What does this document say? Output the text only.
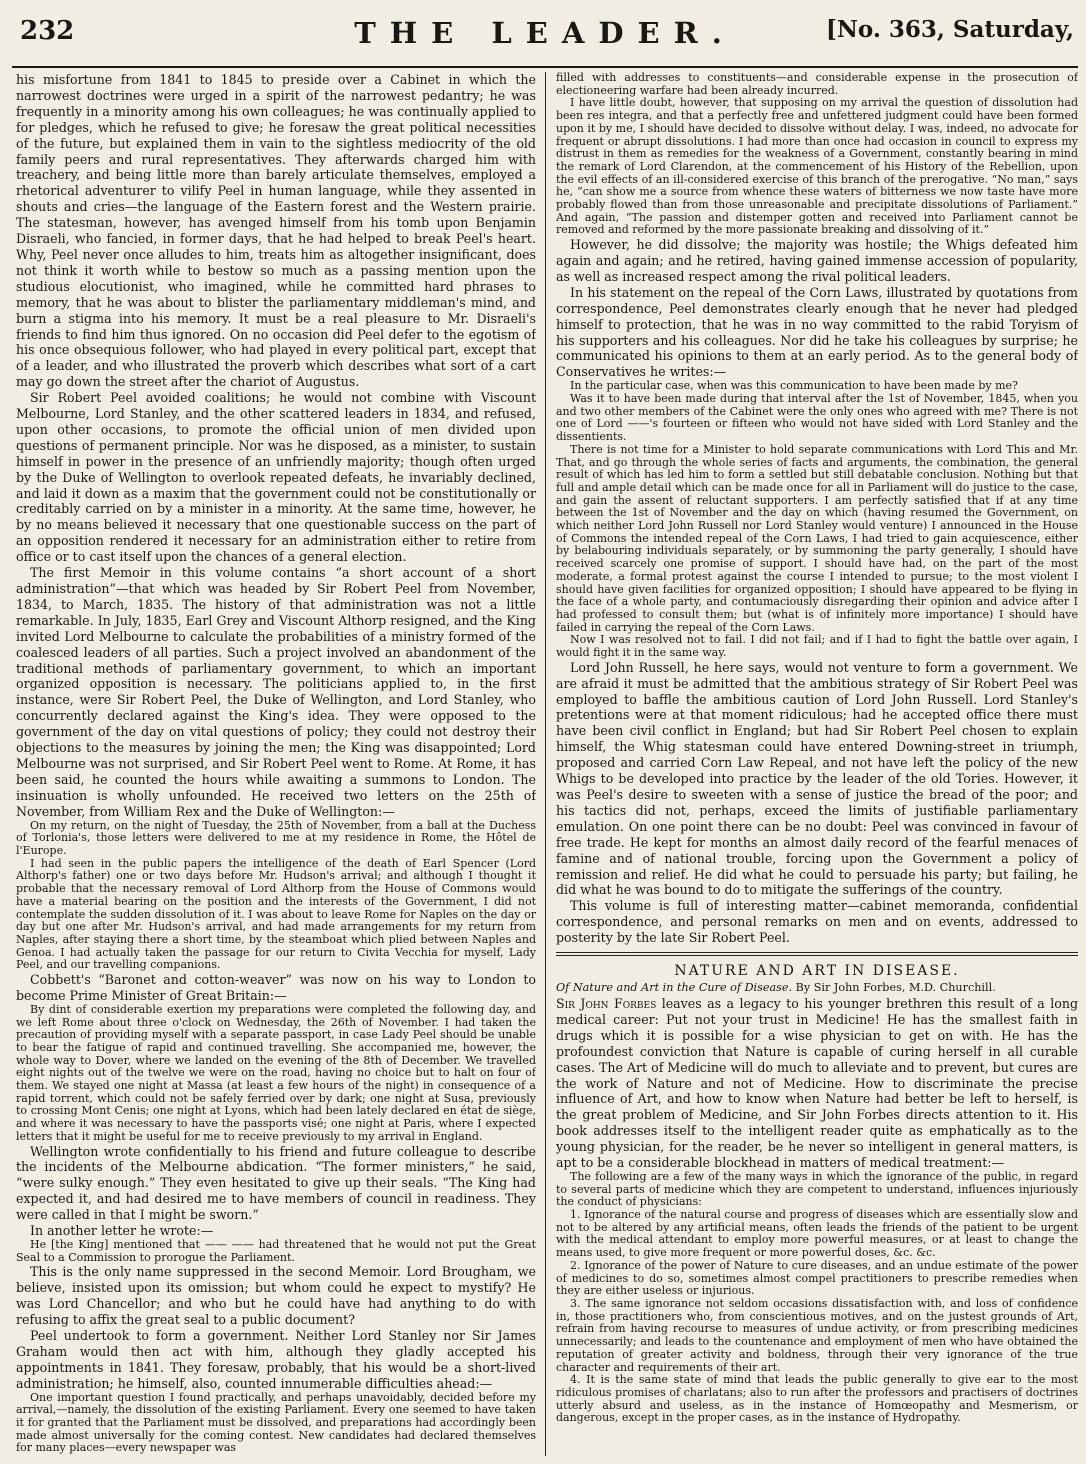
232	THE LEADER.	[No. 363, Saturday,

his misfortune from 1841 to 1845 to preside over a Cabinet in which the narrowest doctrines were urged in a spirit of the narrowest pedantry; he was frequently in a minority among his own colleagues; he was continually applied to for pledges, which he refused to give; he foresaw the great political necessities of the future, but explained them in vain to the sightless mediocrity of the old family peers and rural representatives. They afterwards charged him with treachery, and being little more than barely articulate themselves, employed a rhetorical adventurer to vilify Peel in human language, while they assented in shouts and cries—the language of the Eastern forest and the Western prairie. The statesman, however, has avenged himself from his tomb upon Benjamin Disraeli, who fancied, in former days, that he had helped to break Peel's heart. Why, Peel never once alludes to him, treats him as altogether insignificant, does not think it worth while to bestow so much as a passing mention upon the studious elocutionist, who imagined, while he committed hard phrases to memory, that he was about to blister the parliamentary middleman's mind, and burn a stigma into his memory. It must be a real pleasure to Mr. Disraeli's friends to find him thus ignored. On no occasion did Peel defer to the egotism of his once obsequious follower, who had played in every political part, except that of a leader, and who illustrated the proverb which describes what sort of a cart may go down the street after the chariot of Augustus.

Sir Robert Peel avoided coalitions; he would not combine with Viscount Melbourne, Lord Stanley, and the other scattered leaders in 1834, and refused, upon other occasions, to promote the official union of men divided upon questions of permanent principle. Nor was he disposed, as a minister, to sustain himself in power in the presence of an unfriendly majority; though often urged by the Duke of Wellington to overlook repeated defeats, he invariably declined, and laid it down as a maxim that the government could not be constitutionally or creditably carried on by a minister in a minority. At the same time, however, he by no means believed it necessary that one questionable success on the part of an opposition rendered it necessary for an administration either to retire from office or to cast itself upon the chances of a general election.

The first Memoir in this volume contains “a short account of a short administration”—that which was headed by Sir Robert Peel from November, 1834, to March, 1835. The history of that administration was not a little remarkable. In July, 1835, Earl Grey and Viscount Althorp resigned, and the King invited Lord Melbourne to calculate the probabilities of a ministry formed of the coalesced leaders of all parties. Such a project involved an abandonment of the traditional methods of parliamentary government, to which an important organized opposition is necessary. The politicians applied to, in the first instance, were Sir Robert Peel, the Duke of Wellington, and Lord Stanley, who concurrently declared against the King's idea. They were opposed to the government of the day on vital questions of policy; they could not destroy their objections to the measures by joining the men; the King was disappointed; Lord Melbourne was not surprised, and Sir Robert Peel went to Rome. At Rome, it has been said, he counted the hours while awaiting a summons to London. The insinuation is wholly unfounded. He received two letters on the 25th of November, from William Rex and the Duke of Wellington:—

On my return, on the night of Tuesday, the 25th of November, from a ball at the Duchess of Torlonia's, those letters were delivered to me at my residence in Rome, the Hôtel de l'Europe.

I had seen in the public papers the intelligence of the death of Earl Spencer (Lord Althorp's father) one or two days before Mr. Hudson's arrival; and although I thought it probable that the necessary removal of Lord Althorp from the House of Commons would have a material bearing on the position and the interests of the Government, I did not contemplate the sudden dissolution of it. I was about to leave Rome for Naples on the day or day but one after Mr. Hudson's arrival, and had made arrangements for my return from Naples, after staying there a short time, by the steamboat which plied between Naples and Genoa. I had actually taken the passage for our return to Civita Vecchia for myself, Lady Peel, and our travelling companions.

Cobbett's “Baronet and cotton-weaver” was now on his way to London to become Prime Minister of Great Britain:—

By dint of considerable exertion my preparations were completed the following day, and we left Rome about three o'clock on Wednesday, the 26th of November. I had taken the precaution of providing myself with a separate passport, in case Lady Peel should be unable to bear the fatigue of rapid and continued travelling. She accompanied me, however, the whole way to Dover, where we landed on the evening of the 8th of December. We travelled eight nights out of the twelve we were on the road, having no choice but to halt on four of them. We stayed one night at Massa (at least a few hours of the night) in consequence of a rapid torrent, which could not be safely ferried over by dark; one night at Susa, previously to crossing Mont Cenis; one night at Lyons, which had been lately declared en état de siège, and where it was necessary to have the passports visé; one night at Paris, where I expected letters that it might be useful for me to receive previously to my arrival in England.

Wellington wrote confidentially to his friend and future colleague to describe the incidents of the Melbourne abdication. “The former ministers,” he said, “were sulky enough.” They even hesitated to give up their seals. “The King had expected it, and had desired me to have members of council in readiness. They were called in that I might be sworn.”

In another letter he wrote:—

He [the King] mentioned that —— —— had threatened that he would not put the Great Seal to a Commission to prorogue the Parliament.

This is the only name suppressed in the second Memoir. Lord Brougham, we believe, insisted upon its omission; but whom could he expect to mystify? He was Lord Chancellor; and who but he could have had anything to do with refusing to affix the great seal to a public document?

Peel undertook to form a government. Neither Lord Stanley nor Sir James Graham would then act with him, although they gladly accepted his appointments in 1841. They foresaw, probably, that his would be a short-lived administration; he himself, also, counted innumerable difficulties ahead:—

One important question I found practically, and perhaps unavoidably, decided before my arrival,—namely, the dissolution of the existing Parliament. Every one seemed to have taken it for granted that the Parliament must be dissolved, and preparations had accordingly been made almost universally for the coming contest. New candidates had declared themselves for many places—every newspaper was

filled with addresses to constituents—and considerable expense in the prosecution of electioneering warfare had been already incurred.

I have little doubt, however, that supposing on my arrival the question of dissolution had been res integra, and that a perfectly free and unfettered judgment could have been formed upon it by me, I should have decided to dissolve without delay. I was, indeed, no advocate for frequent or abrupt dissolutions. I had more than once had occasion in council to express my distrust in them as remedies for the weakness of a Government, constantly bearing in mind the remark of Lord Clarendon, at the commencement of his History of the Rebellion, upon the evil effects of an ill-considered exercise of this branch of the prerogative. “No man,” says he, “can show me a source from whence these waters of bitterness we now taste have more probably flowed than from those unreasonable and precipitate dissolutions of Parliament.” And again, “The passion and distemper gotten and received into Parliament cannot be removed and reformed by the more passionate breaking and dissolving of it.”

However, he did dissolve; the majority was hostile; the Whigs defeated him again and again; and he retired, having gained immense accession of popularity, as well as increased respect among the rival political leaders.

In his statement on the repeal of the Corn Laws, illustrated by quotations from correspondence, Peel demonstrates clearly enough that he never had pledged himself to protection, that he was in no way committed to the rabid Toryism of his supporters and his colleagues. Nor did he take his colleagues by surprise; he communicated his opinions to them at an early period. As to the general body of Conservatives he writes:—

In the particular case, when was this communication to have been made by me?

Was it to have been made during that interval after the 1st of November, 1845, when you and two other members of the Cabinet were the only ones who agreed with me? There is not one of Lord ——'s fourteen or fifteen who would not have sided with Lord Stanley and the dissentients.

There is not time for a Minister to hold separate communications with Lord This and Mr. That, and go through the whole series of facts and arguments, the combination, the general result of which has led him to form a settled but still debatable conclusion. Nothing but that full and ample detail which can be made once for all in Parliament will do justice to the case, and gain the assent of reluctant supporters. I am perfectly satisfied that if at any time between the 1st of November and the day on which (having resumed the Government, on which neither Lord John Russell nor Lord Stanley would venture) I announced in the House of Commons the intended repeal of the Corn Laws, I had tried to gain acquiescence, either by belabouring individuals separately, or by summoning the party generally, I should have received scarcely one promise of support. I should have had, on the part of the most moderate, a formal protest against the course I intended to pursue; to the most violent I should have given facilities for organized opposition; I should have appeared to be flying in the face of a whole party, and contumaciously disregarding their opinion and advice after I had professed to consult them; but (what is of infinitely more importance) I should have failed in carrying the repeal of the Corn Laws.

Now I was resolved not to fail. I did not fail; and if I had to fight the battle over again, I would fight it in the same way.

Lord John Russell, he here says, would not venture to form a government. We are afraid it must be admitted that the ambitious strategy of Sir Robert Peel was employed to baffle the ambitious caution of Lord John Russell. Lord Stanley's pretentions were at that moment ridiculous; had he accepted office there must have been civil conflict in England; but had Sir Robert Peel chosen to explain himself, the Whig statesman could have entered Downing-street in triumph, proposed and carried Corn Law Repeal, and not have left the policy of the new Whigs to be developed into practice by the leader of the old Tories. However, it was Peel's desire to sweeten with a sense of justice the bread of the poor; and his tactics did not, perhaps, exceed the limits of justifiable parliamentary emulation. On one point there can be no doubt: Peel was convinced in favour of free trade. He kept for months an almost daily record of the fearful menaces of famine and of national trouble, forcing upon the Government a policy of remission and relief. He did what he could to persuade his party; but failing, he did what he was bound to do to mitigate the sufferings of the country.

This volume is full of interesting matter—cabinet memoranda, confidential correspondence, and personal remarks on men and on events, addressed to posterity by the late Sir Robert Peel.

NATURE AND ART IN DISEASE.

Of Nature and Art in the Cure of Disease. By Sir John Forbes, M.D. Churchill.

Sir John Forbes leaves as a legacy to his younger brethren this result of a long medical career: Put not your trust in Medicine! He has the smallest faith in drugs which it is possible for a wise physician to get on with. He has the profoundest conviction that Nature is capable of curing herself in all curable cases. The Art of Medicine will do much to alleviate and to prevent, but cures are the work of Nature and not of Medicine. How to discriminate the precise influence of Art, and how to know when Nature had better be left to herself, is the great problem of Medicine, and Sir John Forbes directs attention to it. His book addresses itself to the intelligent reader quite as emphatically as to the young physician, for the reader, be he never so intelligent in general matters, is apt to be a considerable blockhead in matters of medical treatment:—

The following are a few of the many ways in which the ignorance of the public, in regard to several parts of medicine which they are competent to understand, influences injuriously the conduct of physicians:

1. Ignorance of the natural course and progress of diseases which are essentially slow and not to be altered by any artificial means, often leads the friends of the patient to be urgent with the medical attendant to employ more powerful measures, or at least to change the means used, to give more frequent or more powerful doses, &c. &c.

2. Ignorance of the power of Nature to cure diseases, and an undue estimate of the power of medicines to do so, sometimes almost compel practitioners to prescribe remedies when they are either useless or injurious.

3. The same ignorance not seldom occasions dissatisfaction with, and loss of confidence in, those practitioners who, from conscientious motives, and on the justest grounds of Art, refrain from having recourse to measures of undue activity, or from prescribing medicines unnecessarily; and leads to the countenance and employment of men who have obtained the reputation of greater activity and boldness, through their very ignorance of the true character and requirements of their art.

4. It is the same state of mind that leads the public generally to give ear to the most ridiculous promises of charlatans; also to run after the professors and practisers of doctrines utterly absurd and useless, as in the instance of Homœopathy and Mesmerism, or dangerous, except in the proper cases, as in the instance of Hydropathy.
